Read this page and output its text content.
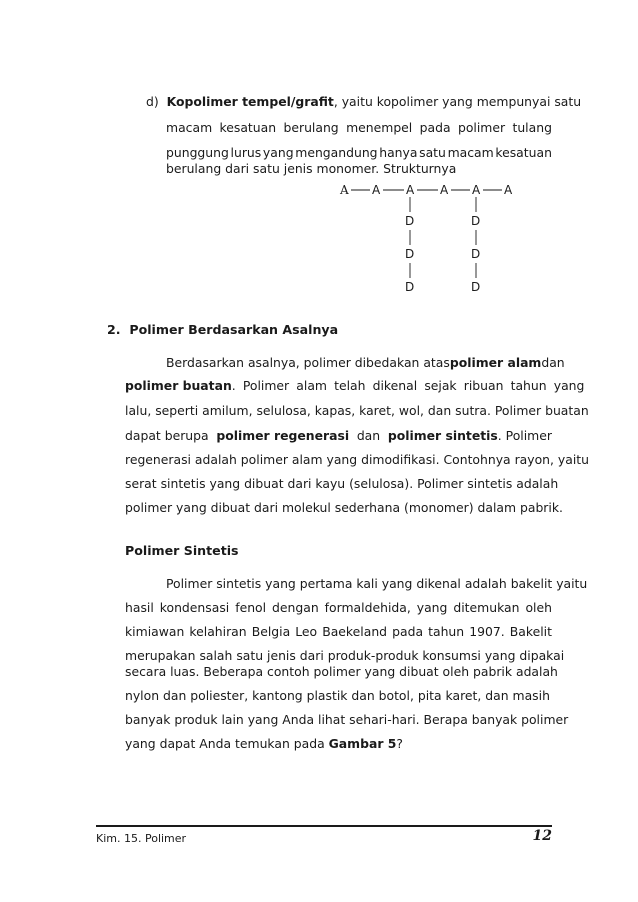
d) Kopolimer tempel/grafit, yaitu kopolimer yang mempunyai satu
macam kesatuan berulang menempel pada polimer tulang
punggung lurus yang mengandung hanya satu macam kesatuan
berulang dari satu jenis monomer. Strukturnya
A A A A A A
D
D
D
D
D
D
2. Polimer Berdasarkan Asalnya
Berdasarkan asalnya, polimer dibedakan atas polimer alam dan
polimer buatan . Polimer alam telah dikenal sejak ribuan tahun yang
lalu, seperti amilum, selulosa, kapas, karet, wol, dan sutra. Polimer buatan
dapat berupa polimer regenerasi dan polimer sintetis. Polimer
regenerasi adalah polimer alam yang dimodifikasi. Contohnya rayon, yaitu
serat sintetis yang dibuat dari kayu (selulosa). Polimer sintetis adalah
polimer yang dibuat dari molekul sederhana (monomer) dalam pabrik.
Polimer Sintetis
Polimer sintetis yang pertama kali yang dikenal adalah bakelit yaitu
hasil kondensasi fenol dengan formaldehida, yang ditemukan oleh
kimiawan kelahiran Belgia Leo Baekeland pada tahun 1907. Bakelit
merupakan salah satu jenis dari produk-produk konsumsi yang dipakai
secara luas. Beberapa contoh polimer yang dibuat oleh pabrik adalah
nylon dan poliester, kantong plastik dan botol, pita karet, dan masih
banyak produk lain yang Anda lihat sehari-hari. Berapa banyak polimer
yang dapat Anda temukan pada Gambar 5?
Kim. 15. Polimer	12
